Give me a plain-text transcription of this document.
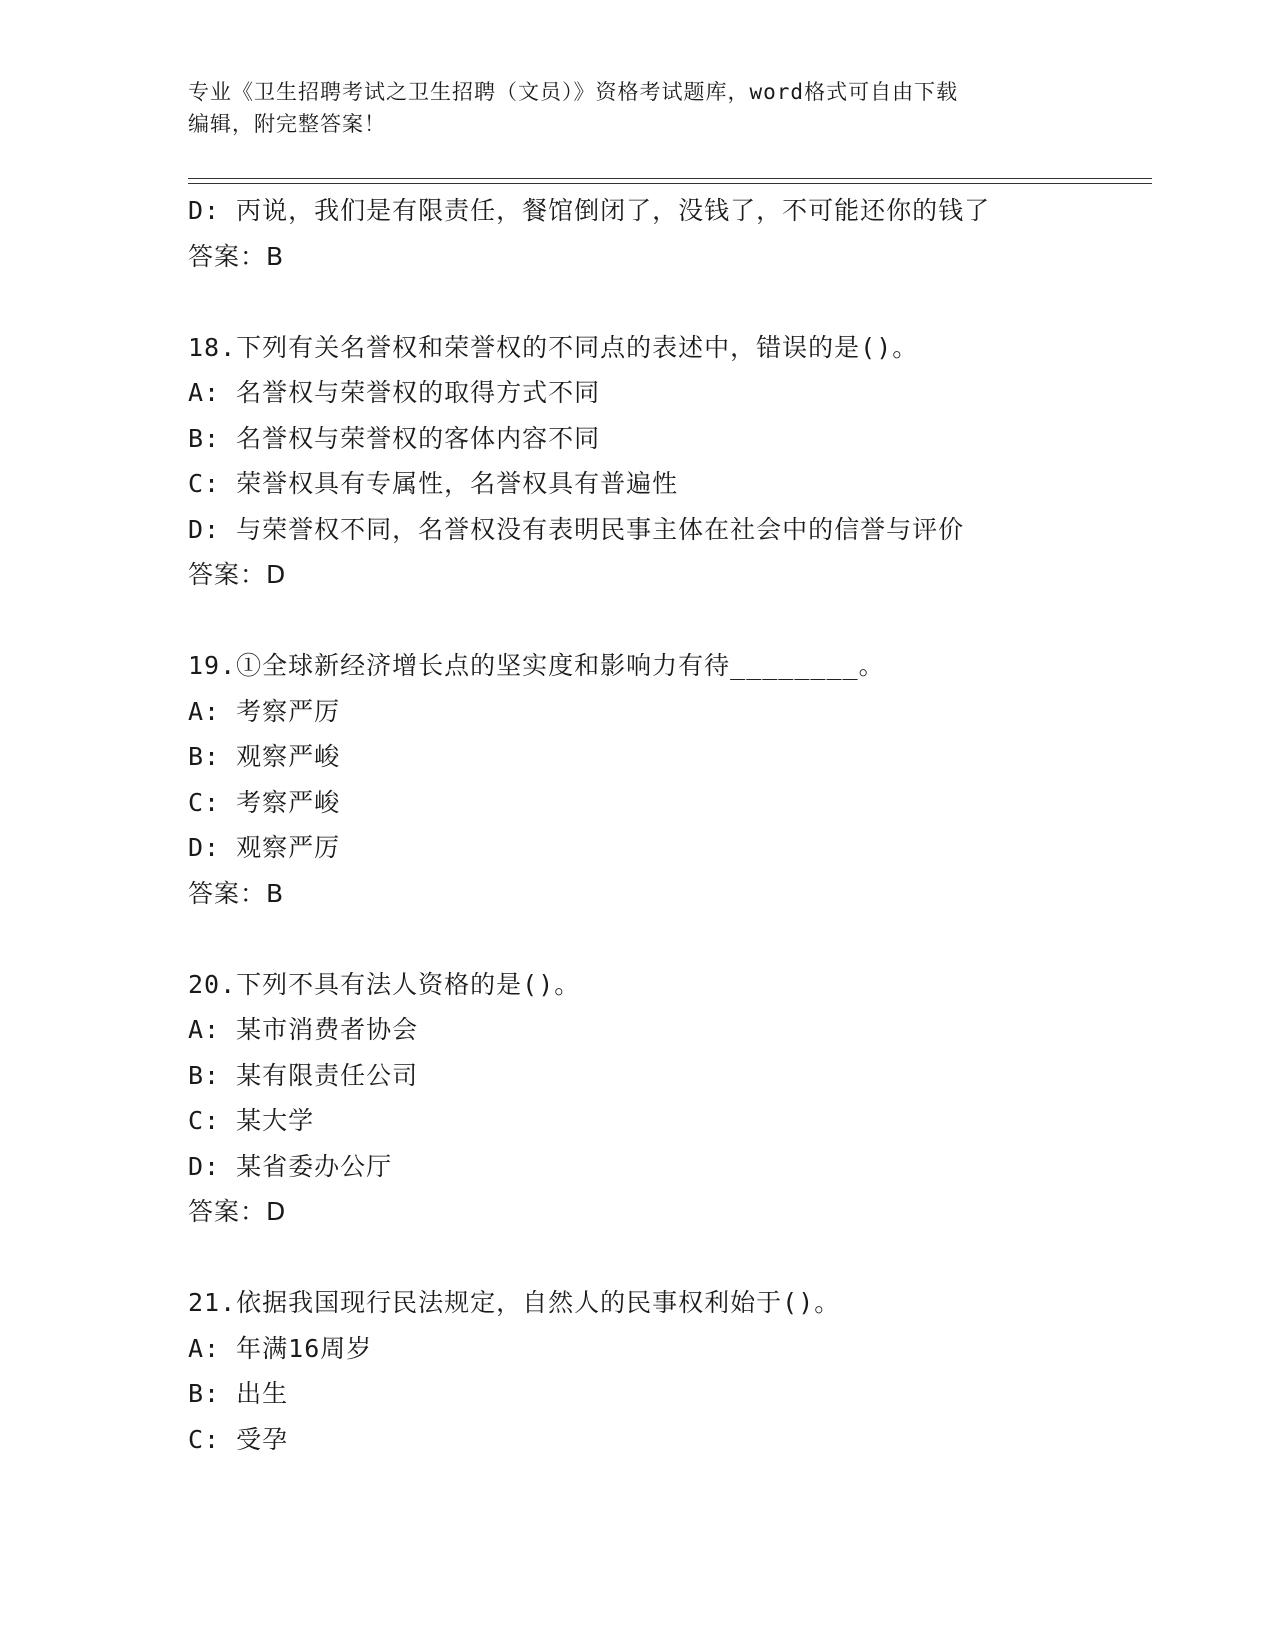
专业《卫生招聘考试之卫生招聘（文员）》资格考试题库，word格式可自由下载
编辑，附完整答案！
D: 丙说，我们是有限责任，餐馆倒闭了，没钱了，不可能还你的钱了
答案：B
18.下列有关名誉权和荣誉权的不同点的表述中，错误的是()。
A: 名誉权与荣誉权的取得方式不同
B: 名誉权与荣誉权的客体内容不同
C: 荣誉权具有专属性，名誉权具有普遍性
D: 与荣誉权不同，名誉权没有表明民事主体在社会中的信誉与评价
答案：D
19.①全球新经济增长点的坚实度和影响力有待________。
A: 考察严厉
B: 观察严峻
C: 考察严峻
D: 观察严厉
答案：B
20.下列不具有法人资格的是()。
A: 某市消费者协会
B: 某有限责任公司
C: 某大学
D: 某省委办公厅
答案：D
21.依据我国现行民法规定，自然人的民事权利始于()。
A: 年满16周岁
B: 出生
C: 受孕
